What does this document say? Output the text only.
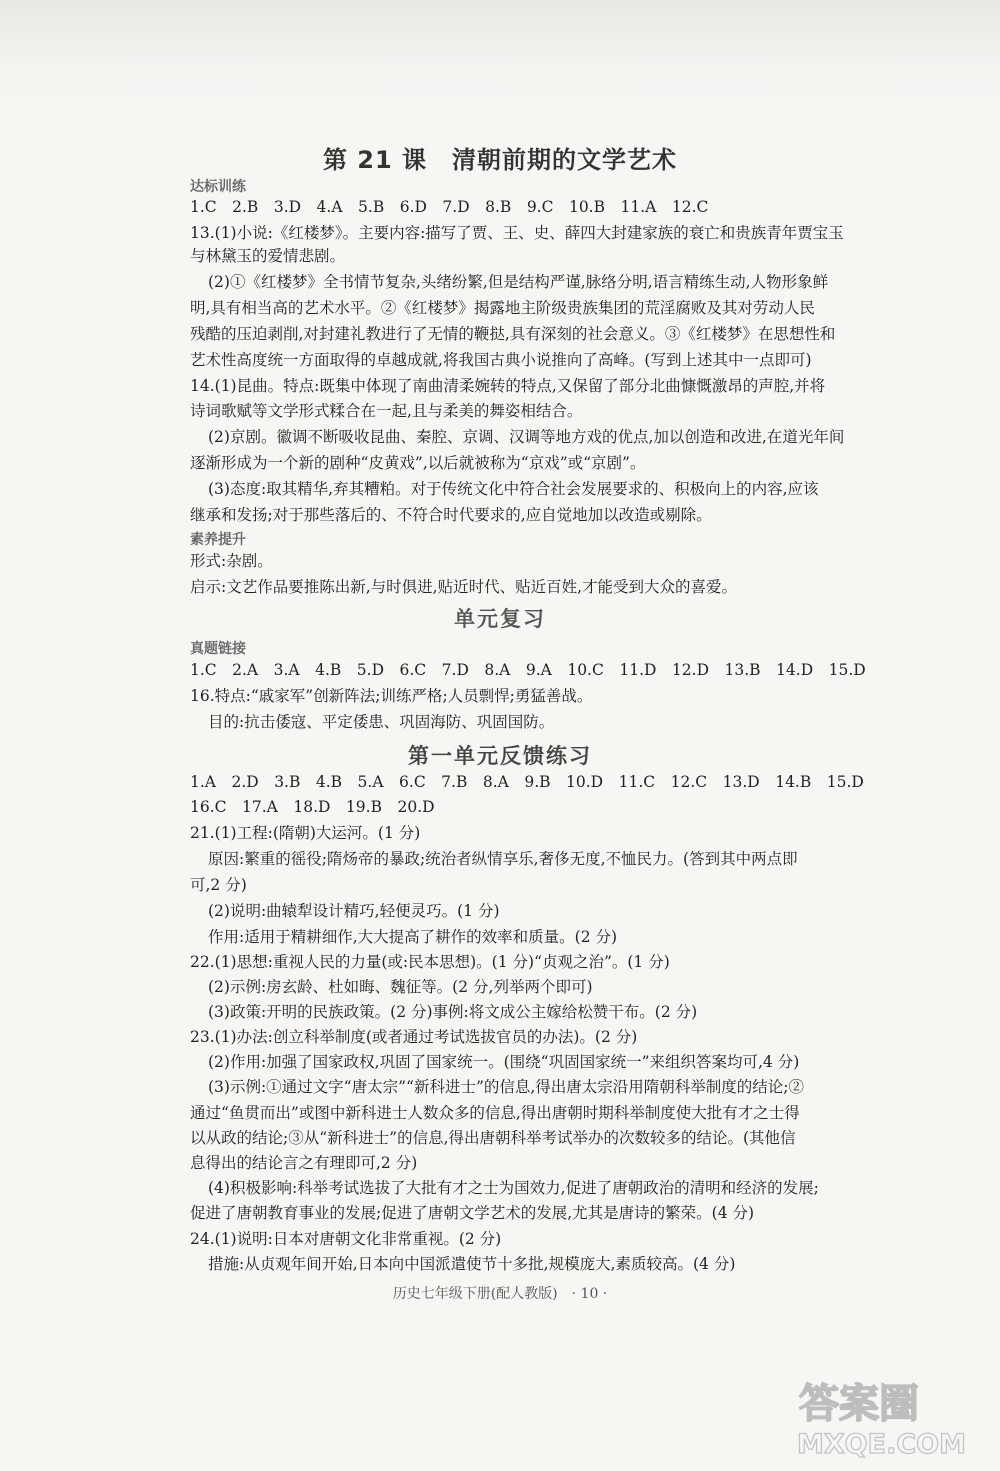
第 21 课　清朝前期的文学艺术
达标训练
1.C　2.B　3.D　4.A　5.B　6.D　7.D　8.B　9.C　10.B　11.A　12.C
13.(1)小说:《红楼梦》。主要内容:描写了贾、王、史、薛四大封建家族的衰亡和贵族青年贾宝玉
与林黛玉的爱情悲剧。
(2)①《红楼梦》全书情节复杂,头绪纷繁,但是结构严谨,脉络分明,语言精练生动,人物形象鲜
明,具有相当高的艺术水平。②《红楼梦》揭露地主阶级贵族集团的荒淫腐败及其对劳动人民
残酷的压迫剥削,对封建礼教进行了无情的鞭挞,具有深刻的社会意义。③《红楼梦》在思想性和
艺术性高度统一方面取得的卓越成就,将我国古典小说推向了高峰。(写到上述其中一点即可)
14.(1)昆曲。特点:既集中体现了南曲清柔婉转的特点,又保留了部分北曲慷慨激昂的声腔,并将
诗词歌赋等文学形式糅合在一起,且与柔美的舞姿相结合。
(2)京剧。徽调不断吸收昆曲、秦腔、京调、汉调等地方戏的优点,加以创造和改进,在道光年间
逐渐形成为一个新的剧种“皮黄戏”,以后就被称为“京戏”或“京剧”。
(3)态度:取其精华,弃其糟粕。对于传统文化中符合社会发展要求的、积极向上的内容,应该
继承和发扬;对于那些落后的、不符合时代要求的,应自觉地加以改造或剔除。
素养提升
形式:杂剧。
启示:文艺作品要推陈出新,与时俱进,贴近时代、贴近百姓,才能受到大众的喜爱。
单元复习
真题链接
1.C　2.A　3.A　4.B　5.D　6.C　7.D　8.A　9.A　10.C　11.D　12.D　13.B　14.D　15.D
16.特点:“戚家军”创新阵法;训练严格;人员剽悍;勇猛善战。
目的:抗击倭寇、平定倭患、巩固海防、巩固国防。
第一单元反馈练习
1.A　2.D　3.B　4.B　5.A　6.C　7.B　8.A　9.B　10.D　11.C　12.C　13.D　14.B　15.D
16.C　17.A　18.D　19.B　20.D
21.(1)工程:(隋朝)大运河。(1 分)
原因:繁重的徭役;隋炀帝的暴政;统治者纵情享乐,奢侈无度,不恤民力。(答到其中两点即
可,2 分)
(2)说明:曲辕犁设计精巧,轻便灵巧。(1 分)
作用:适用于精耕细作,大大提高了耕作的效率和质量。(2 分)
22.(1)思想:重视人民的力量(或:民本思想)。(1 分)“贞观之治”。(1 分)
(2)示例:房玄龄、杜如晦、魏征等。(2 分,列举两个即可)
(3)政策:开明的民族政策。(2 分)事例:将文成公主嫁给松赞干布。(2 分)
23.(1)办法:创立科举制度(或者通过考试选拔官员的办法)。(2 分)
(2)作用:加强了国家政权,巩固了国家统一。(围绕“巩固国家统一”来组织答案均可,4 分)
(3)示例:①通过文字“唐太宗”“新科进士”的信息,得出唐太宗沿用隋朝科举制度的结论;②
通过“鱼贯而出”或图中新科进士人数众多的信息,得出唐朝时期科举制度使大批有才之士得
以从政的结论;③从“新科进士”的信息,得出唐朝科举考试举办的次数较多的结论。(其他信
息得出的结论言之有理即可,2 分)
(4)积极影响:科举考试选拔了大批有才之士为国效力,促进了唐朝政治的清明和经济的发展;
促进了唐朝教育事业的发展;促进了唐朝文学艺术的发展,尤其是唐诗的繁荣。(4 分)
24.(1)说明:日本对唐朝文化非常重视。(2 分)
措施:从贞观年间开始,日本向中国派遣使节十多批,规模庞大,素质较高。(4 分)
历史七年级下册(配人教版)　· 10 ·
答案圈
MXQE.COM
